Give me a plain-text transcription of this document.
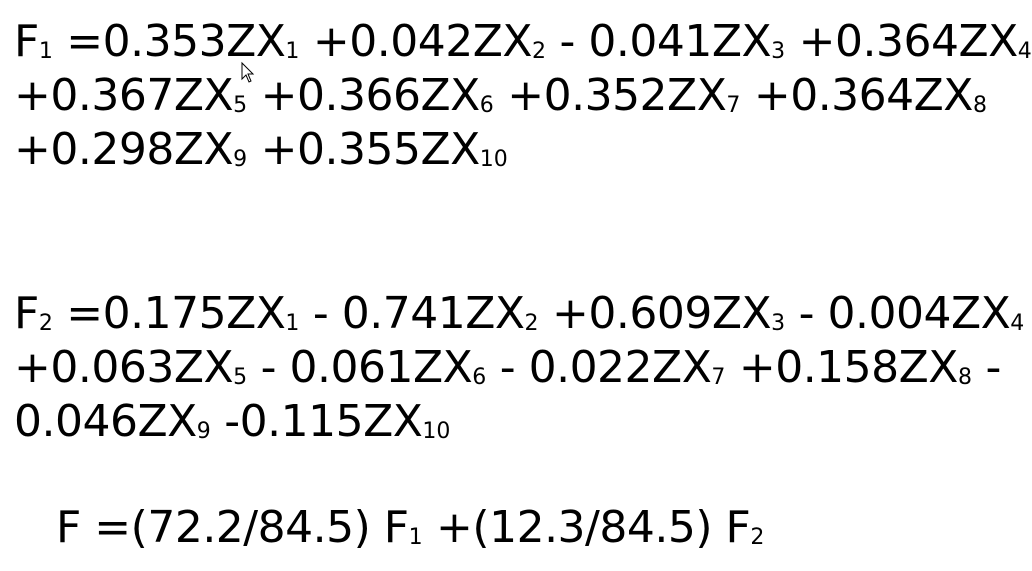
$F_1 =0.353ZX_1 +0.042ZX_2 - 0.041ZX_3 +0.364ZX_4$
$+0.367ZX_5 +0.366ZX_6 +0.352ZX_7 +0.364ZX_8$
$+0.298ZX_9 +0.355ZX_{10}$
$F_2 =0.175ZX_1 - 0.741ZX_2 +0.609ZX_3 - 0.004ZX_4$
$+0.063ZX_5 - 0.061ZX_6 - 0.022ZX_7 +0.158ZX_8$ -
$0.046ZX_9$ $-0.115ZX_{10}$
F =(72.2/84.5) $F_1 +(12.3/84.5)$ $F_2$
